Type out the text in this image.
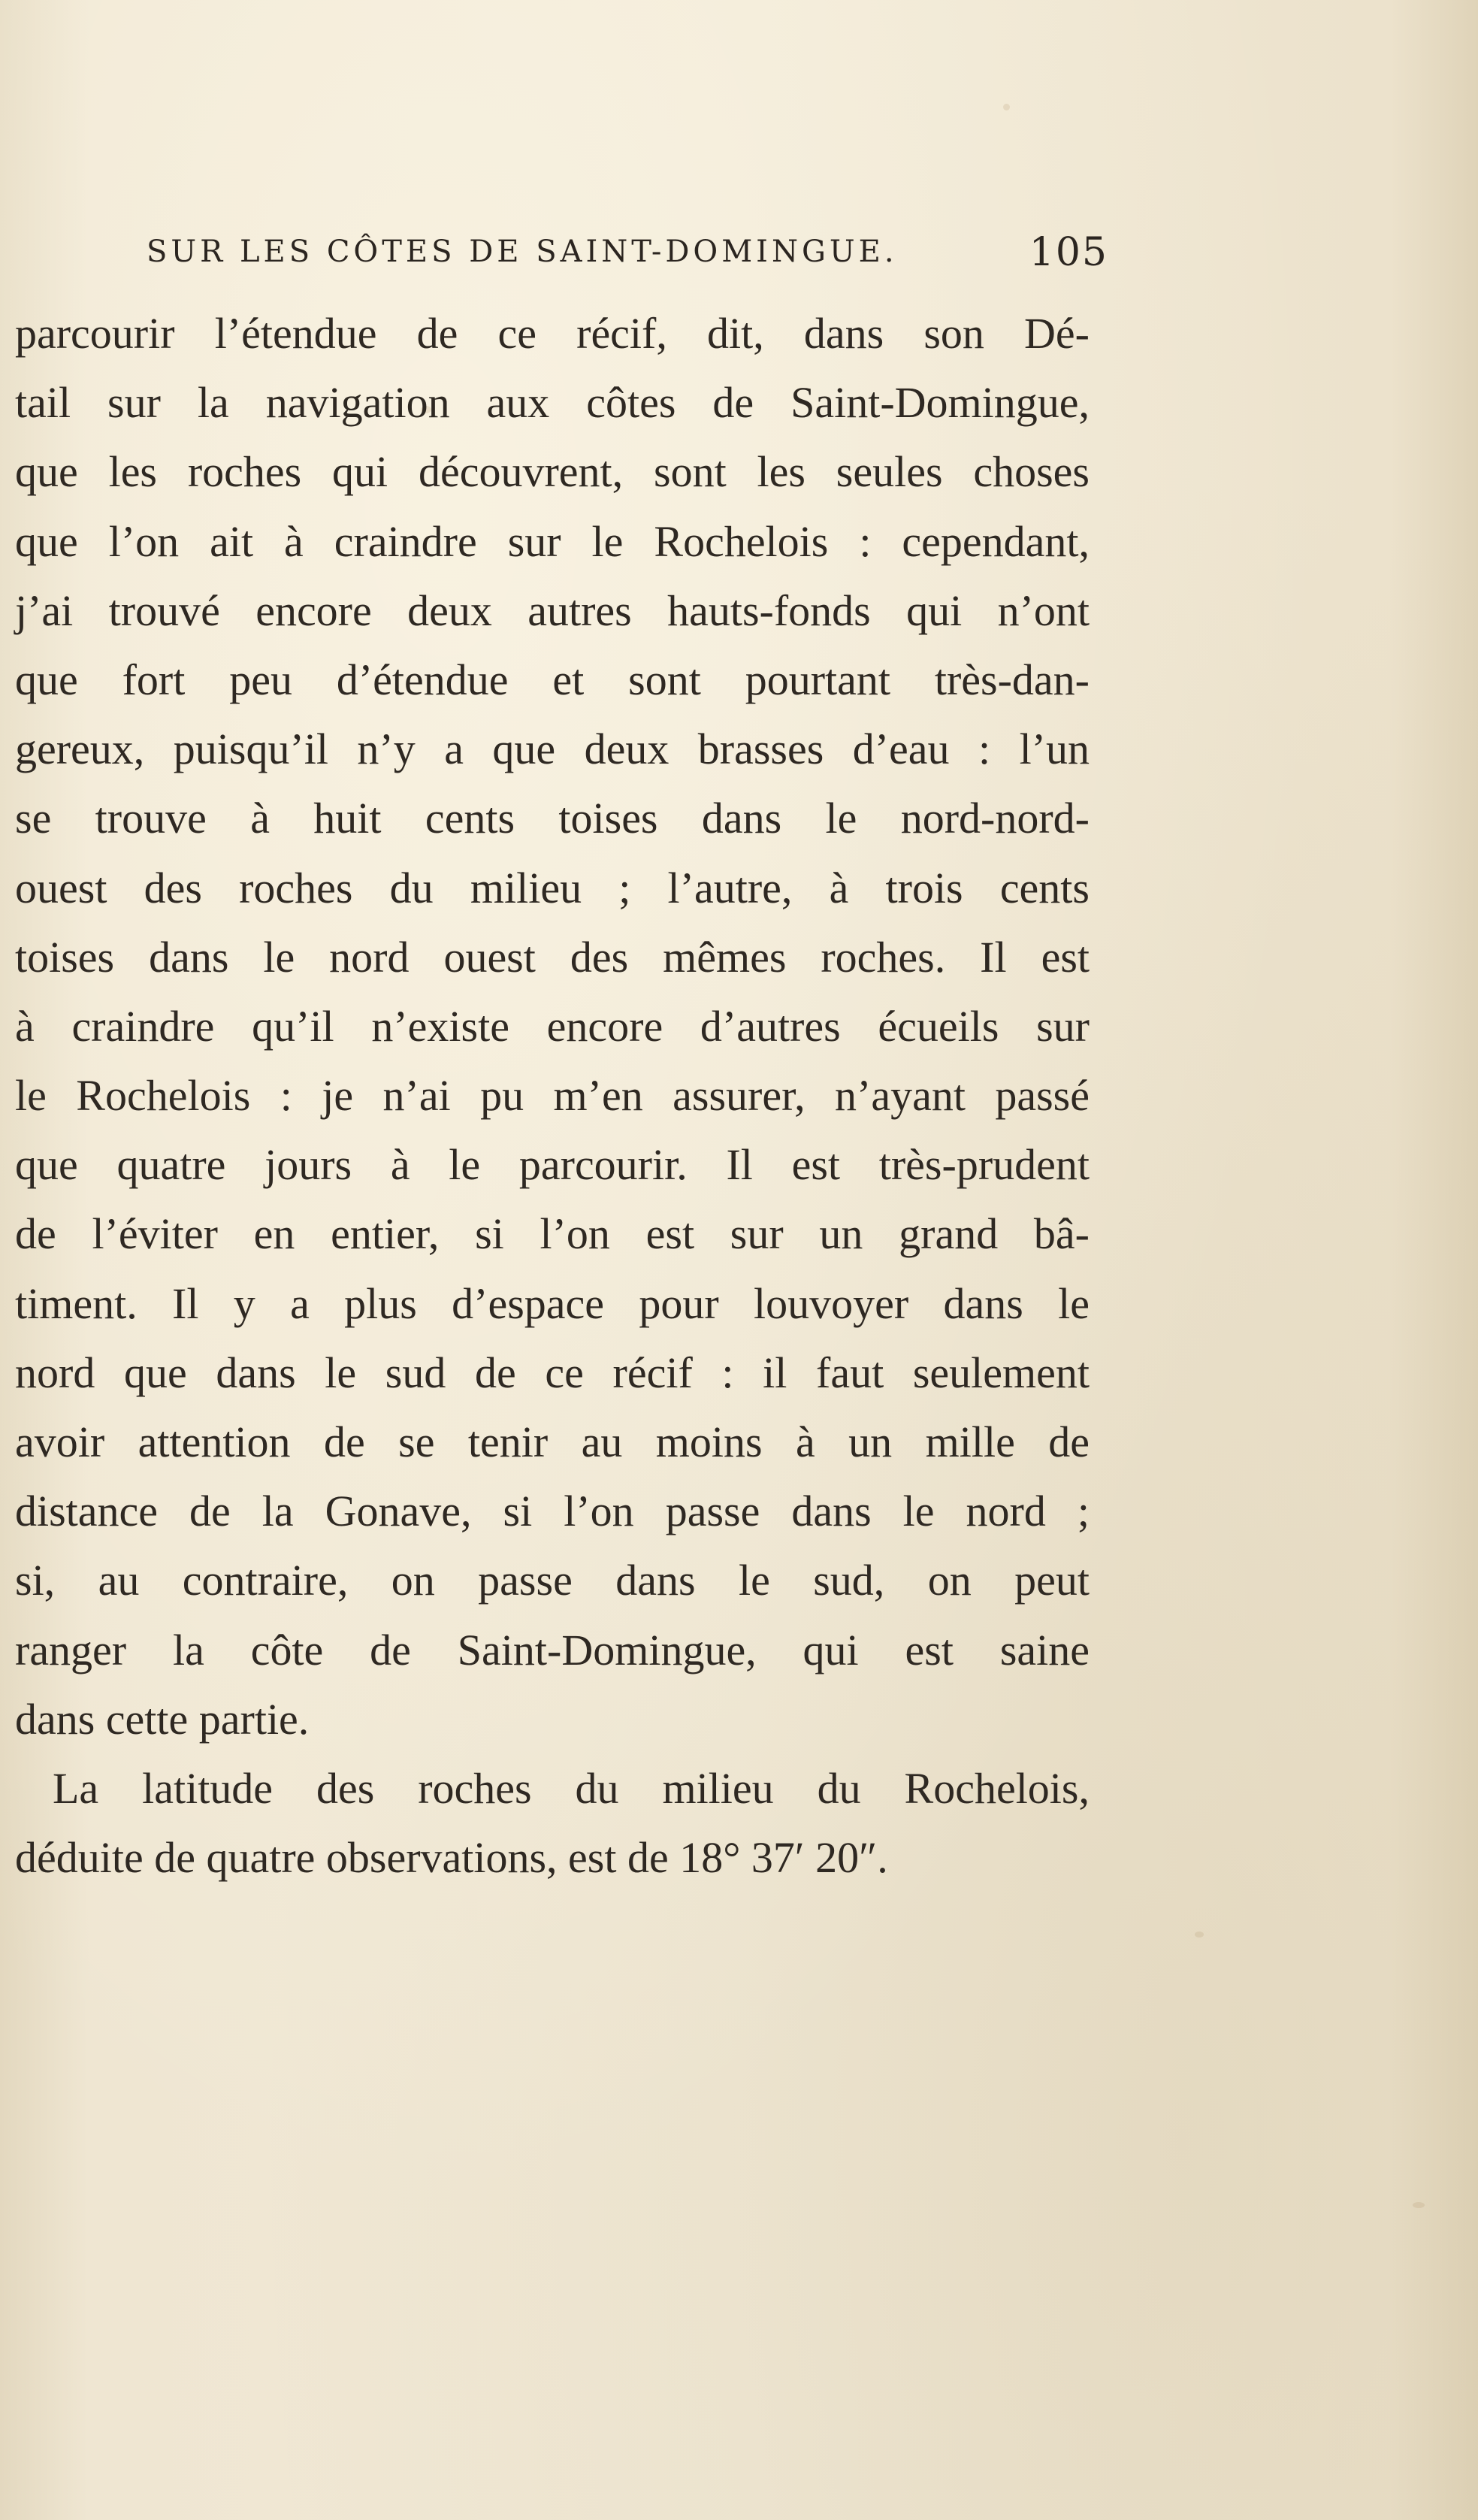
SUR LES CÔTES DE SAINT-DOMINGUE.	105
parcourir l’étendue de ce récif, dit, dans son Dé-
tail sur la navigation aux côtes de Saint-Domingue,
que les roches qui découvrent, sont les seules choses
que l’on ait à craindre sur le Rochelois : cependant,
j’ai trouvé encore deux autres hauts-fonds qui n’ont
que fort peu d’étendue et sont pourtant très-dan-
gereux, puisqu’il n’y a que deux brasses d’eau : l’un
se trouve à huit cents toises dans le nord-nord-
ouest des roches du milieu ; l’autre, à trois cents
toises dans le nord ouest des mêmes roches. Il est
à craindre qu’il n’existe encore d’autres écueils sur
le Rochelois : je n’ai pu m’en assurer, n’ayant passé
que quatre jours à le parcourir. Il est très-prudent
de l’éviter en entier, si l’on est sur un grand bâ-
timent. Il y a plus d’espace pour louvoyer dans le
nord que dans le sud de ce récif : il faut seulement
avoir attention de se tenir au moins à un mille de
distance de la Gonave, si l’on passe dans le nord ;
si, au contraire, on passe dans le sud, on peut
ranger la côte de Saint-Domingue, qui est saine
dans cette partie.
La latitude des roches du milieu du Rochelois,
déduite de quatre observations, est de 18° 37′ 20″.
